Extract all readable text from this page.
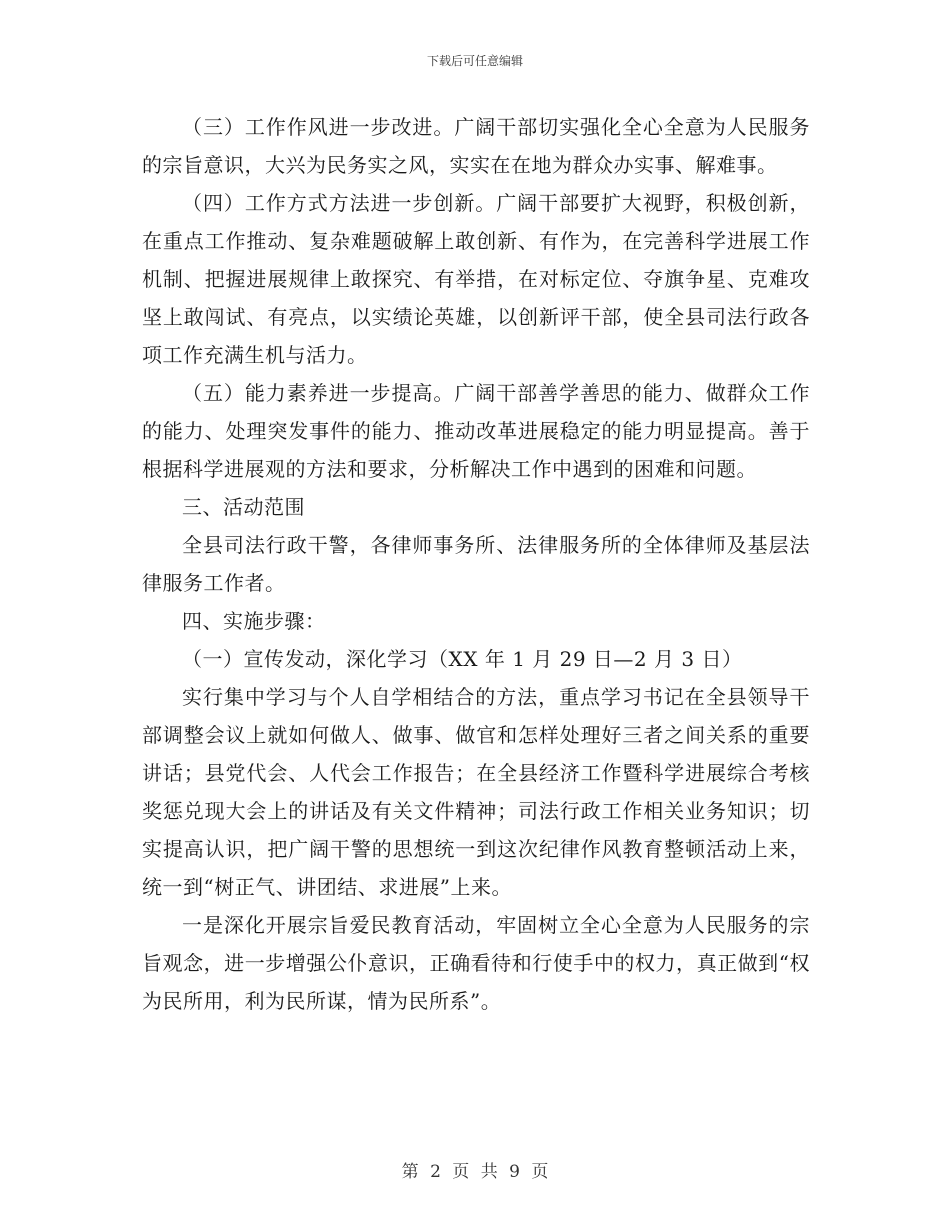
下载后可任意编辑

（三）工作作风进一步改进。广阔干部切实强化全心全意为人民服务的宗旨意识，大兴为民务实之风，实实在在地为群众办实事、解难事。

（四）工作方式方法进一步创新。广阔干部要扩大视野，积极创新，在重点工作推动、复杂难题破解上敢创新、有作为，在完善科学进展工作机制、把握进展规律上敢探究、有举措，在对标定位、夺旗争星、克难攻坚上敢闯试、有亮点，以实绩论英雄，以创新评干部，使全县司法行政各项工作充满生机与活力。

（五）能力素养进一步提高。广阔干部善学善思的能力、做群众工作的能力、处理突发事件的能力、推动改革进展稳定的能力明显提高。善于根据科学进展观的方法和要求，分析解决工作中遇到的困难和问题。

三、活动范围

全县司法行政干警，各律师事务所、法律服务所的全体律师及基层法律服务工作者。

四、实施步骤：

（一）宣传发动，深化学习（XX 年 1 月 29 日—2 月 3 日）

实行集中学习与个人自学相结合的方法，重点学习书记在全县领导干部调整会议上就如何做人、做事、做官和怎样处理好三者之间关系的重要讲话；县党代会、人代会工作报告；在全县经济工作暨科学进展综合考核奖惩兑现大会上的讲话及有关文件精神；司法行政工作相关业务知识；切实提高认识，把广阔干警的思想统一到这次纪律作风教育整顿活动上来，统一到“树正气、讲团结、求进展”上来。

一是深化开展宗旨爱民教育活动，牢固树立全心全意为人民服务的宗旨观念，进一步增强公仆意识，正确看待和行使手中的权力，真正做到“权为民所用，利为民所谋，情为民所系”。

第 2 页 共 9 页
